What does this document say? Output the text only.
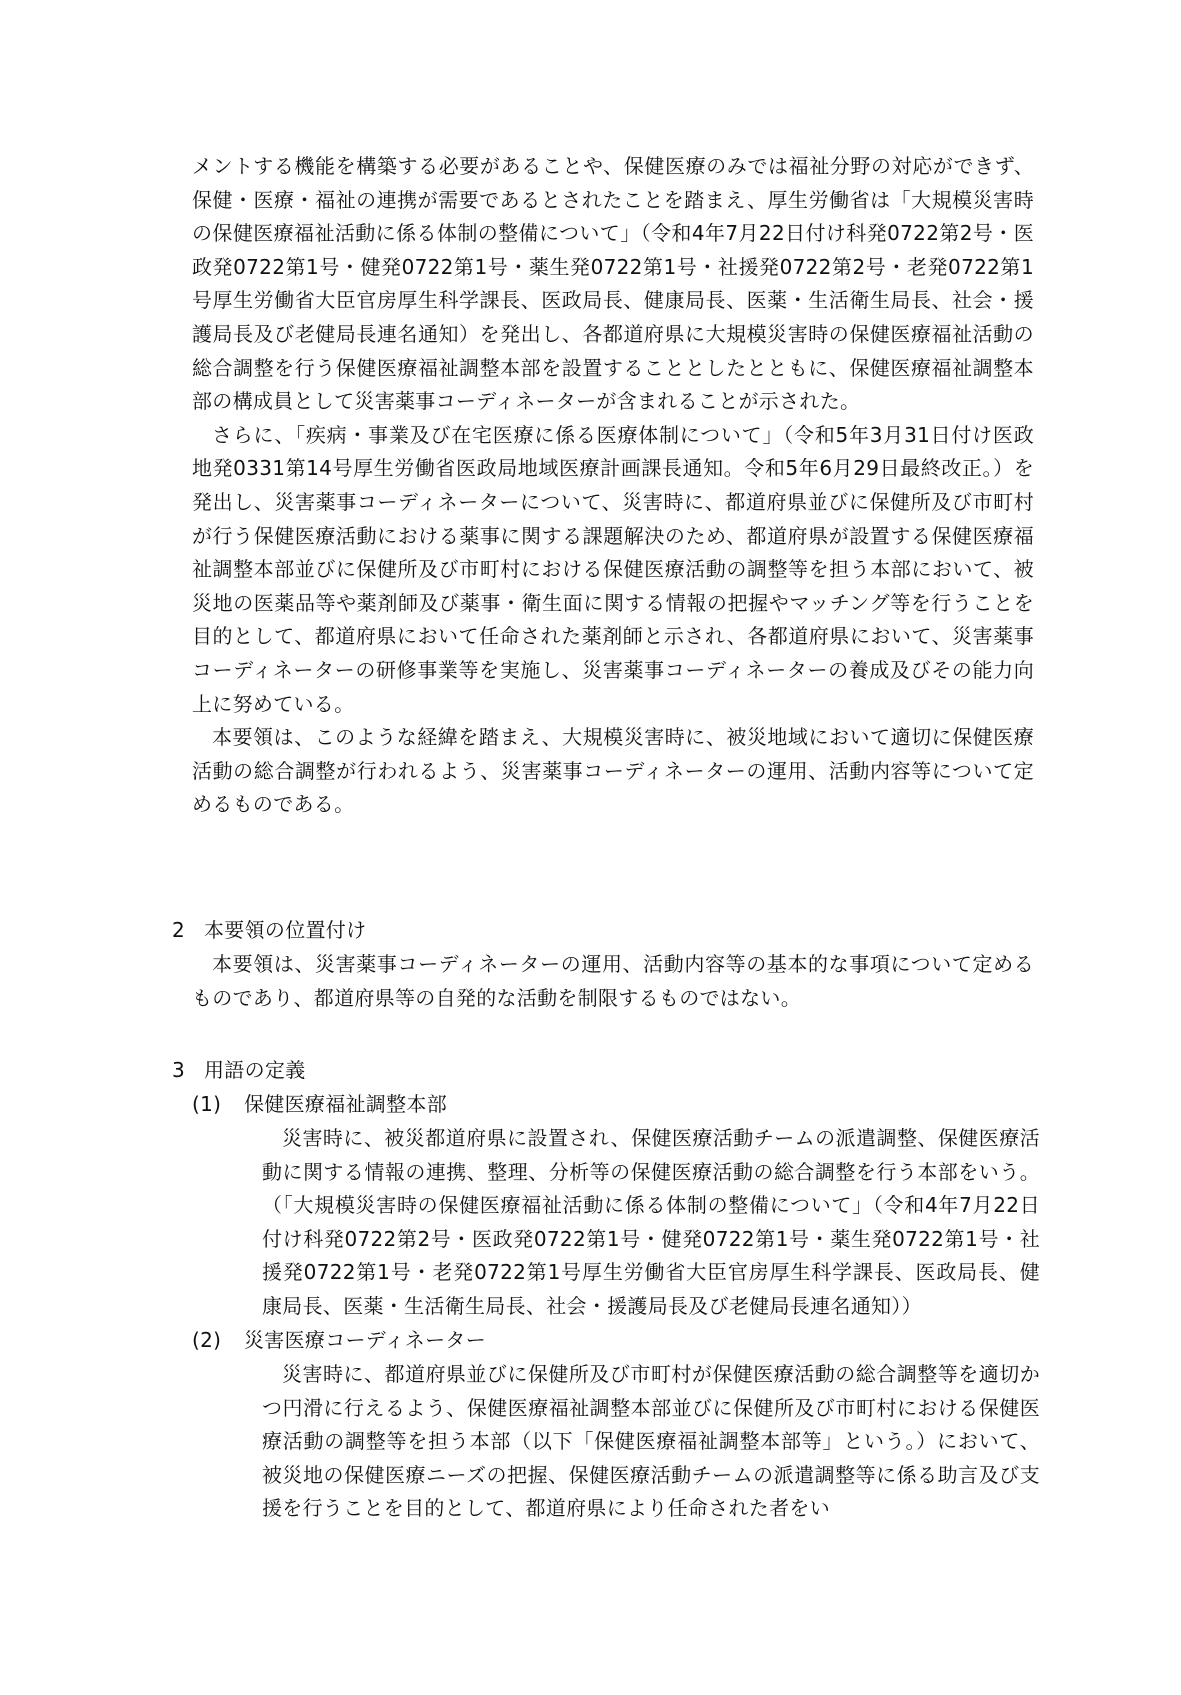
メントする機能を構築する必要があることや、保健医療のみでは福祉分野の対応ができず、保健・医療・福祉の連携が需要であるとされたことを踏まえ、厚生労働省は「大規模災害時の保健医療福祉活動に係る体制の整備について」（令和4年7月22日付け科発0722第2号・医政発0722第1号・健発0722第1号・薬生発0722第1号・社援発0722第2号・老発0722第1号厚生労働省大臣官房厚生科学課長、医政局長、健康局長、医薬・生活衛生局長、社会・援護局長及び老健局長連名通知）を発出し、各都道府県に大規模災害時の保健医療福祉活動の総合調整を行う保健医療福祉調整本部を設置することとしたとともに、保健医療福祉調整本部の構成員として災害薬事コーディネーターが含まれることが示された。

さらに、「疾病・事業及び在宅医療に係る医療体制について」（令和5年3月31日付け医政地発0331第14号厚生労働省医政局地域医療計画課長通知。令和5年6月29日最終改正。）を発出し、災害薬事コーディネーターについて、災害時に、都道府県並びに保健所及び市町村が行う保健医療活動における薬事に関する課題解決のため、都道府県が設置する保健医療福祉調整本部並びに保健所及び市町村における保健医療活動の調整等を担う本部において、被災地の医薬品等や薬剤師及び薬事・衛生面に関する情報の把握やマッチング等を行うことを目的として、都道府県において任命された薬剤師と示され、各都道府県において、災害薬事コーディネーターの研修事業等を実施し、災害薬事コーディネーターの養成及びその能力向上に努めている。

本要領は、このような経緯を踏まえ、大規模災害時に、被災地域において適切に保健医療活動の総合調整が行われるよう、災害薬事コーディネーターの運用、活動内容等について定めるものである。

2 本要領の位置付け

本要領は、災害薬事コーディネーターの運用、活動内容等の基本的な事項について定めるものであり、都道府県等の自発的な活動を制限するものではない。

3 用語の定義
(1) 保健医療福祉調整本部

災害時に、被災都道府県に設置され、保健医療活動チームの派遣調整、保健医療活動に関する情報の連携、整理、分析等の保健医療活動の総合調整を行う本部をいう。（「大規模災害時の保健医療福祉活動に係る体制の整備について」（令和4年7月22日付け科発0722第2号・医政発0722第1号・健発0722第1号・薬生発0722第1号・社援発0722第1号・老発0722第1号厚生労働省大臣官房厚生科学課長、医政局長、健康局長、医薬・生活衛生局長、社会・援護局長及び老健局長連名通知））

(2) 災害医療コーディネーター

災害時に、都道府県並びに保健所及び市町村が保健医療活動の総合調整等を適切かつ円滑に行えるよう、保健医療福祉調整本部並びに保健所及び市町村における保健医療活動の調整等を担う本部（以下「保健医療福祉調整本部等」という。）において、被災地の保健医療ニーズの把握、保健医療活動チームの派遣調整等に係る助言及び支援を行うことを目的として、都道府県により任命された者をい
